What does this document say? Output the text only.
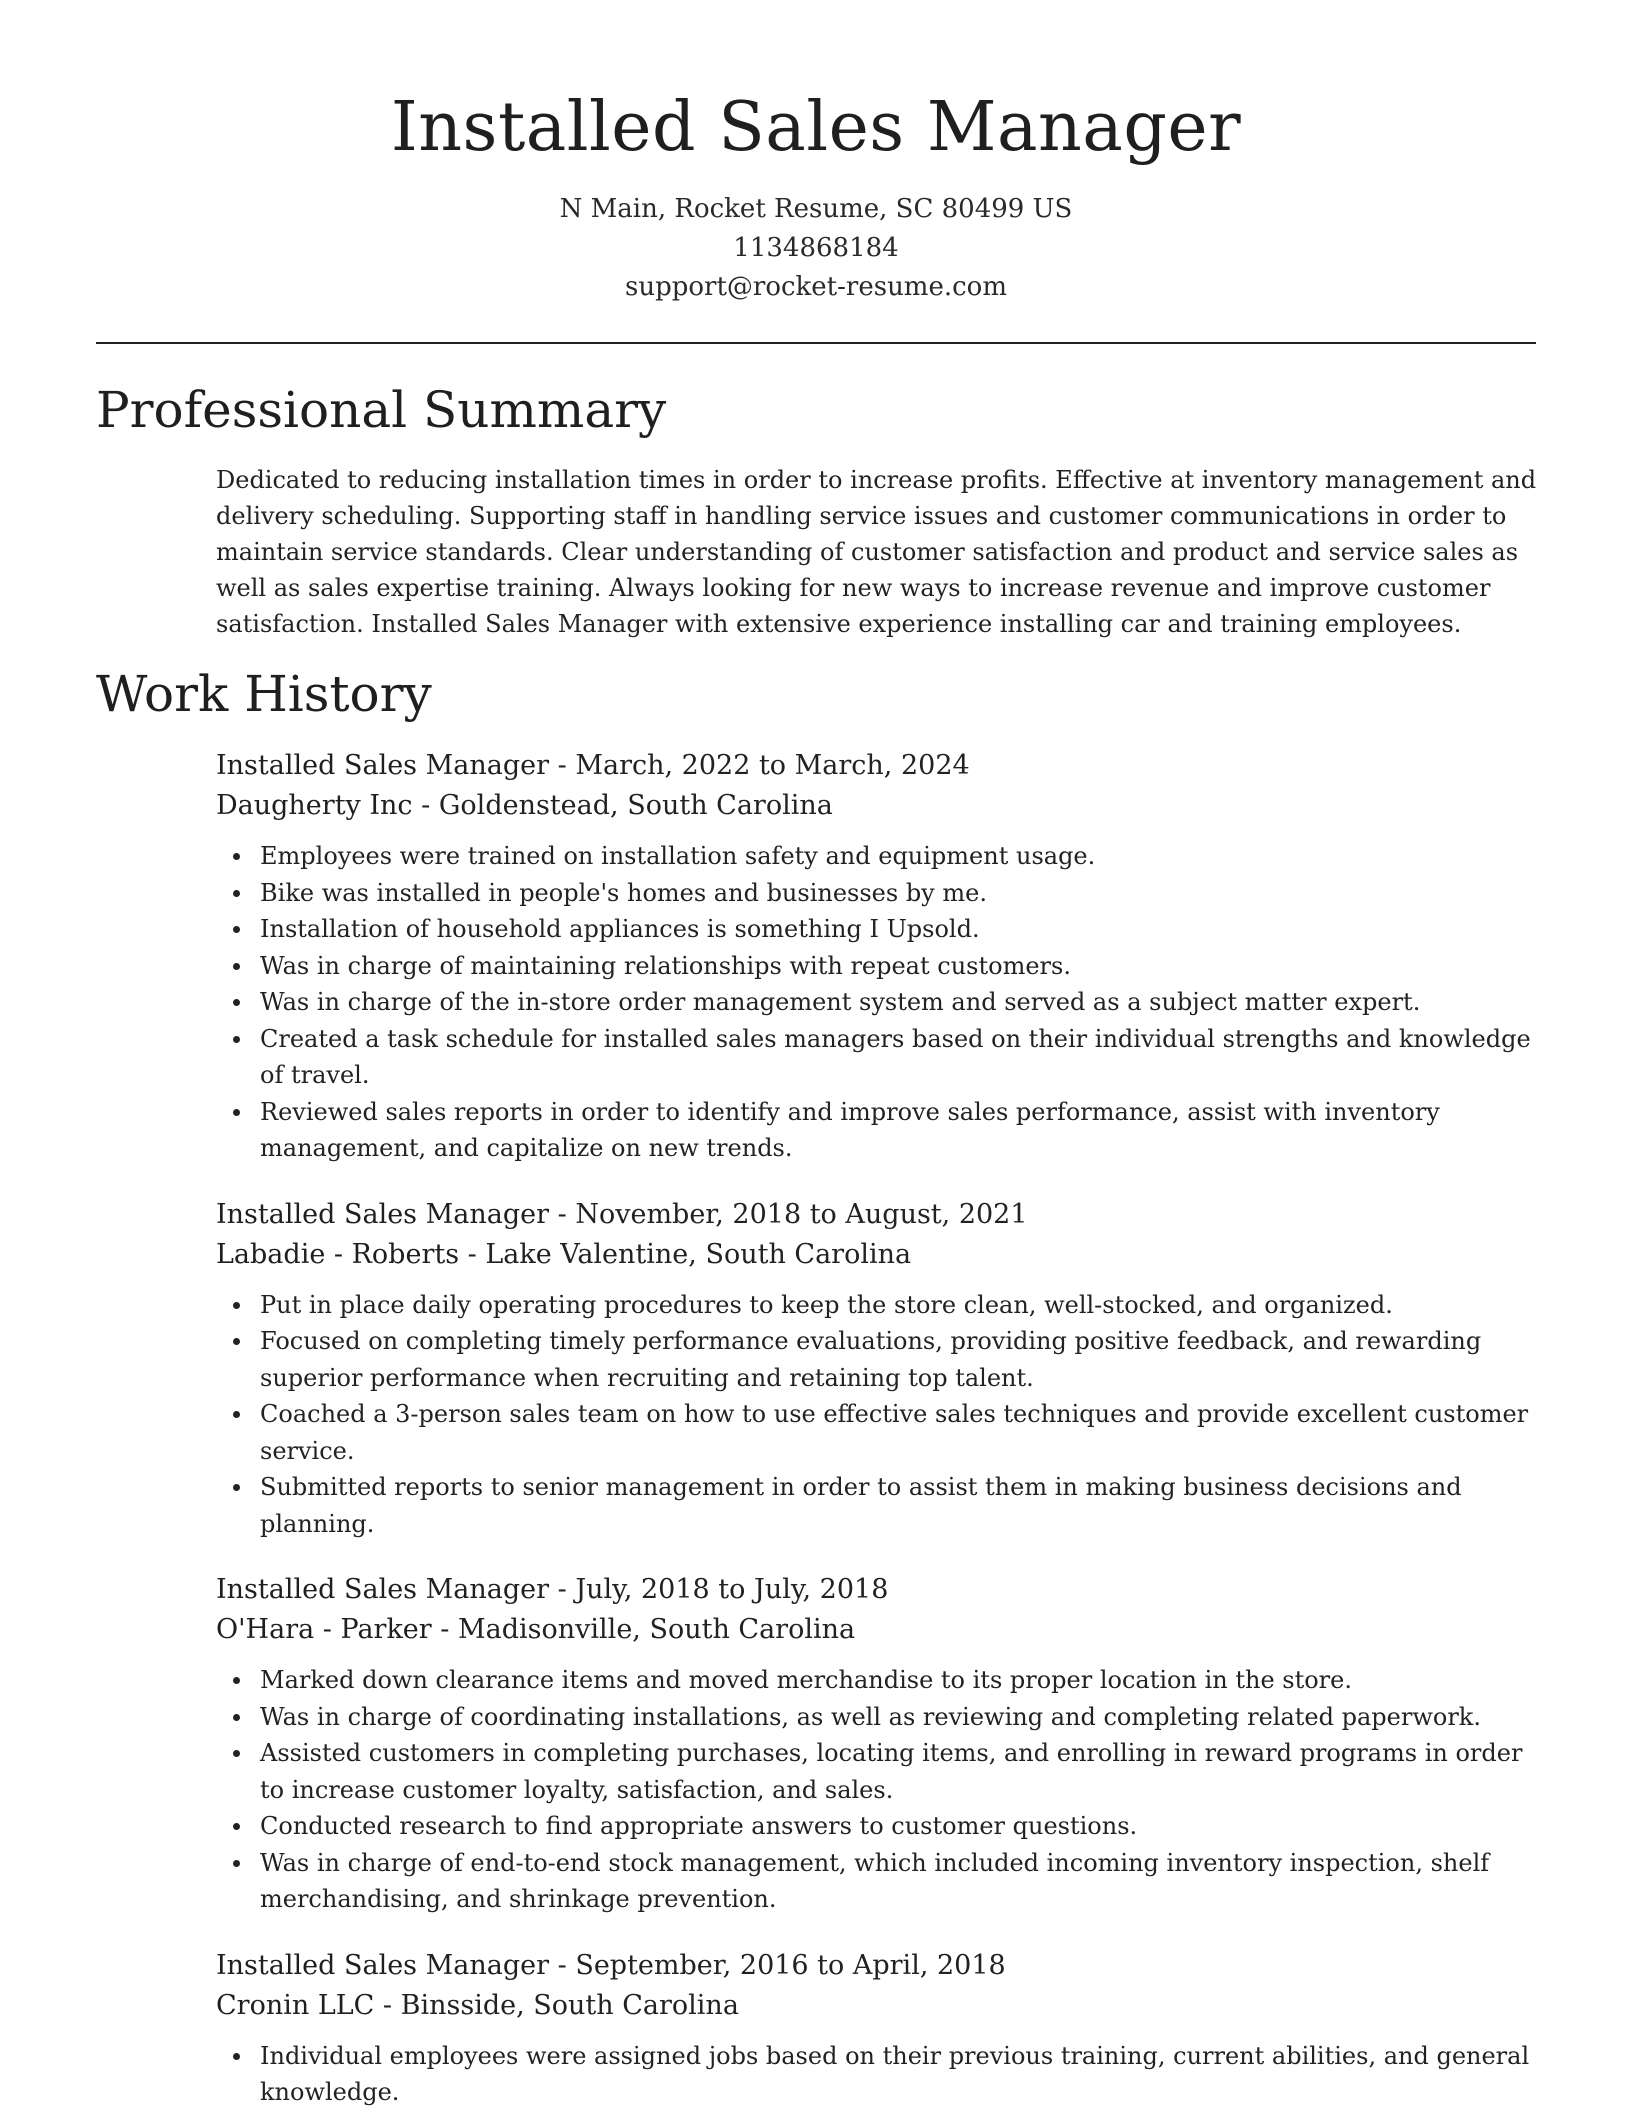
Installed Sales Manager
N Main, Rocket Resume, SC 80499 US
1134868184
support@rocket-resume.com
Professional Summary

Dedicated to reducing installation times in order to increase profits. Effective at inventory management and delivery scheduling. Supporting staff in handling service issues and customer communications in order to maintain service standards. Clear understanding of customer satisfaction and product and service sales as well as sales expertise training. Always looking for new ways to increase revenue and improve customer satisfaction. Installed Sales Manager with extensive experience installing car and training employees.

Work History
Installed Sales Manager - March, 2022 to March, 2024
Daugherty Inc - Goldenstead, South Carolina
Employees were trained on installation safety and equipment usage.
Bike was installed in people's homes and businesses by me.
Installation of household appliances is something I Upsold.
Was in charge of maintaining relationships with repeat customers.
Was in charge of the in-store order management system and served as a subject matter expert.
Created a task schedule for installed sales managers based on their individual strengths and knowledge of travel.
Reviewed sales reports in order to identify and improve sales performance, assist with inventory management, and capitalize on new trends.
Installed Sales Manager - November, 2018 to August, 2021
Labadie - Roberts - Lake Valentine, South Carolina
Put in place daily operating procedures to keep the store clean, well-stocked, and organized.
Focused on completing timely performance evaluations, providing positive feedback, and rewarding superior performance when recruiting and retaining top talent.
Coached a 3-person sales team on how to use effective sales techniques and provide excellent customer service.
Submitted reports to senior management in order to assist them in making business decisions and planning.
Installed Sales Manager - July, 2018 to July, 2018
O'Hara - Parker - Madisonville, South Carolina
Marked down clearance items and moved merchandise to its proper location in the store.
Was in charge of coordinating installations, as well as reviewing and completing related paperwork.
Assisted customers in completing purchases, locating items, and enrolling in reward programs in order to increase customer loyalty, satisfaction, and sales.
Conducted research to find appropriate answers to customer questions.
Was in charge of end-to-end stock management, which included incoming inventory inspection, shelf merchandising, and shrinkage prevention.
Installed Sales Manager - September, 2016 to April, 2018
Cronin LLC - Binsside, South Carolina
Individual employees were assigned jobs based on their previous training, current abilities, and general knowledge.
